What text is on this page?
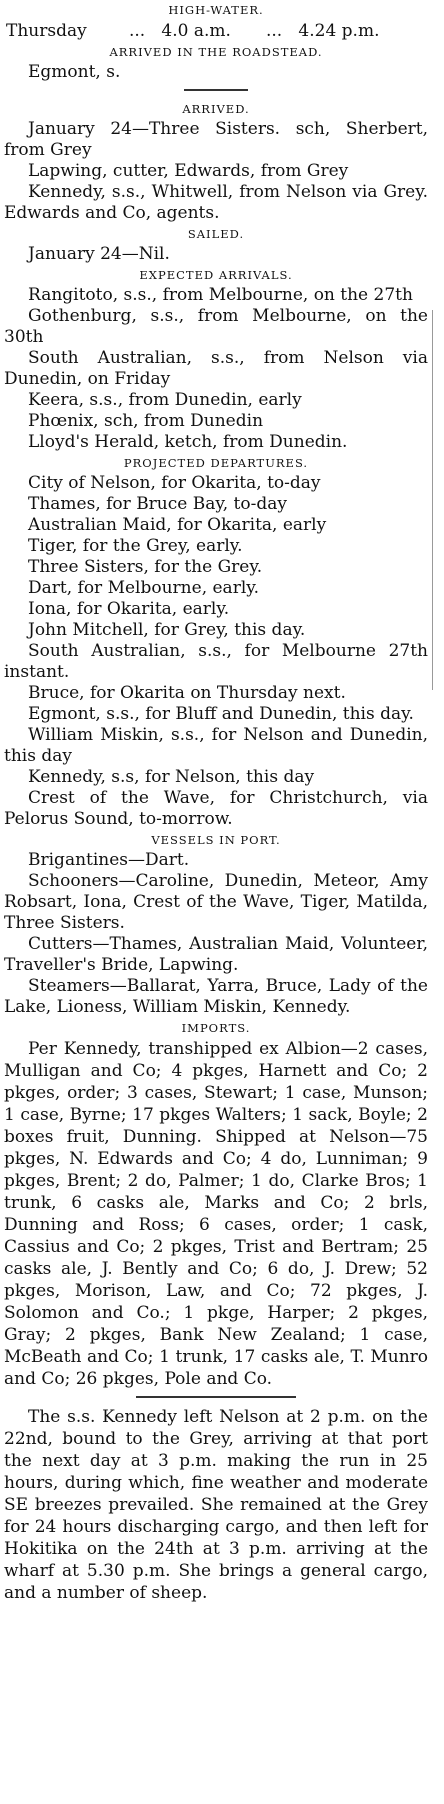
HIGH-WATER.

Thursday

...   4.0 a.m.

...   4.24 p.m.

ARRIVED IN THE ROADSTEAD.

Egmont, s.

ARRIVED.

January 24—Three Sisters. sch, Sherbert, from Grey

Lapwing, cutter, Edwards, from Grey

Kennedy, s.s., Whitwell, from Nelson via Grey. Edwards and Co, agents.

SAILED.

January 24—Nil.

EXPECTED ARRIVALS.

Rangitoto, s.s., from Melbourne, on the 27th

Gothenburg, s.s., from Melbourne, on the 30th

South Australian, s.s., from Nelson via Dunedin, on Friday

Keera, s.s., from Dunedin, early

Phœnix, sch, from Dunedin

Lloyd's Herald, ketch, from Dunedin.

PROJECTED DEPARTURES.

City of Nelson, for Okarita, to-day

Thames, for Bruce Bay, to-day

Australian Maid, for Okarita, early

Tiger, for the Grey, early.

Three Sisters, for the Grey.

Dart, for Melbourne, early.

Iona, for Okarita, early.

John Mitchell, for Grey, this day.

South Australian, s.s., for Melbourne 27th instant.

Bruce, for Okarita on Thursday next.

Egmont, s.s., for Bluff and Dunedin, this day.

William Miskin, s.s., for Nelson and Dunedin, this day

Kennedy, s.s, for Nelson, this day

Crest of the Wave, for Christchurch, via Pelorus Sound, to-morrow.

VESSELS IN PORT.

Brigantines—Dart.

Schooners—Caroline, Dunedin, Meteor, Amy Robsart, Iona, Crest of the Wave, Tiger, Matilda, Three Sisters.

Cutters—Thames, Australian Maid, Volunteer, Traveller's Bride, Lapwing.

Steamers—Ballarat, Yarra, Bruce, Lady of the Lake, Lioness, William Miskin, Kennedy.

IMPORTS.

Per Kennedy, transhipped ex Albion—2 cases, Mulligan and Co; 4 pkges, Harnett and Co; 2 pkges, order; 3 cases, Stewart; 1 case, Munson; 1 case, Byrne; 17 pkges Walters; 1 sack, Boyle; 2 boxes fruit, Dunning. Shipped at Nelson—75 pkges, N. Edwards and Co; 4 do, Lunniman; 9 pkges, Brent; 2 do, Palmer; 1 do, Clarke Bros; 1 trunk, 6 casks ale, Marks and Co; 2 brls, Dunning and Ross; 6 cases, order; 1 cask, Cassius and Co; 2 pkges, Trist and Bertram; 25 casks ale, J. Bently and Co; 6 do, J. Drew; 52 pkges, Morison, Law, and Co; 72 pkges, J. Solomon and Co.; 1 pkge, Harper; 2 pkges, Gray; 2 pkges, Bank New Zealand; 1 case, McBeath and Co; 1 trunk, 17 casks ale, T. Munro and Co; 26 pkges, Pole and Co.

The s.s. Kennedy left Nelson at 2 p.m. on the 22nd, bound to the Grey, arriving at that port the next day at 3 p.m. making the run in 25 hours, during which, fine weather and moderate SE breezes prevailed. She remained at the Grey for 24 hours discharging cargo, and then left for Hokitika on the 24th at 3 p.m. arriving at the wharf at 5.30 p.m. She brings a general cargo, and a number of sheep.
